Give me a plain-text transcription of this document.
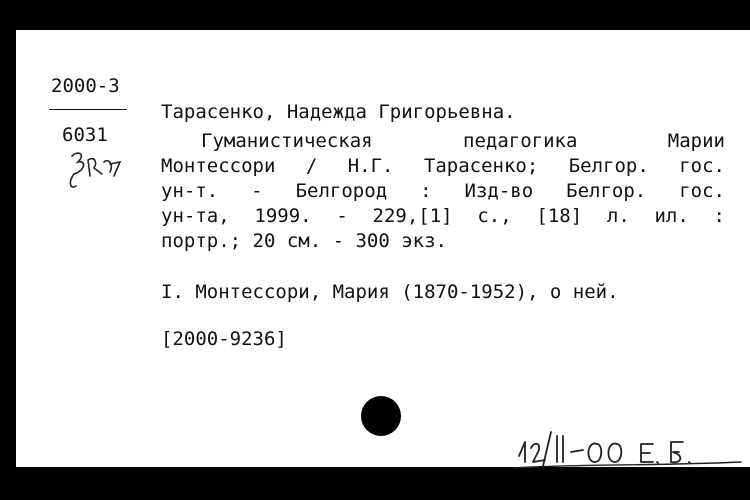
2000-3
6031
Тарасенко, Надежда Григорьевна.
Гуманистическая педагогика Марии
Монтессори / Н.Г. Тарасенко; Белгор. гос.
ун-т. - Белгород : Изд-во Белгор. гос.
ун-та, 1999. - 229,[1] с., [18] л. ил. :
портр.; 20 см. - 300 экз.
I. Монтессори, Мария (1870-1952), о ней.
[2000-9236]
